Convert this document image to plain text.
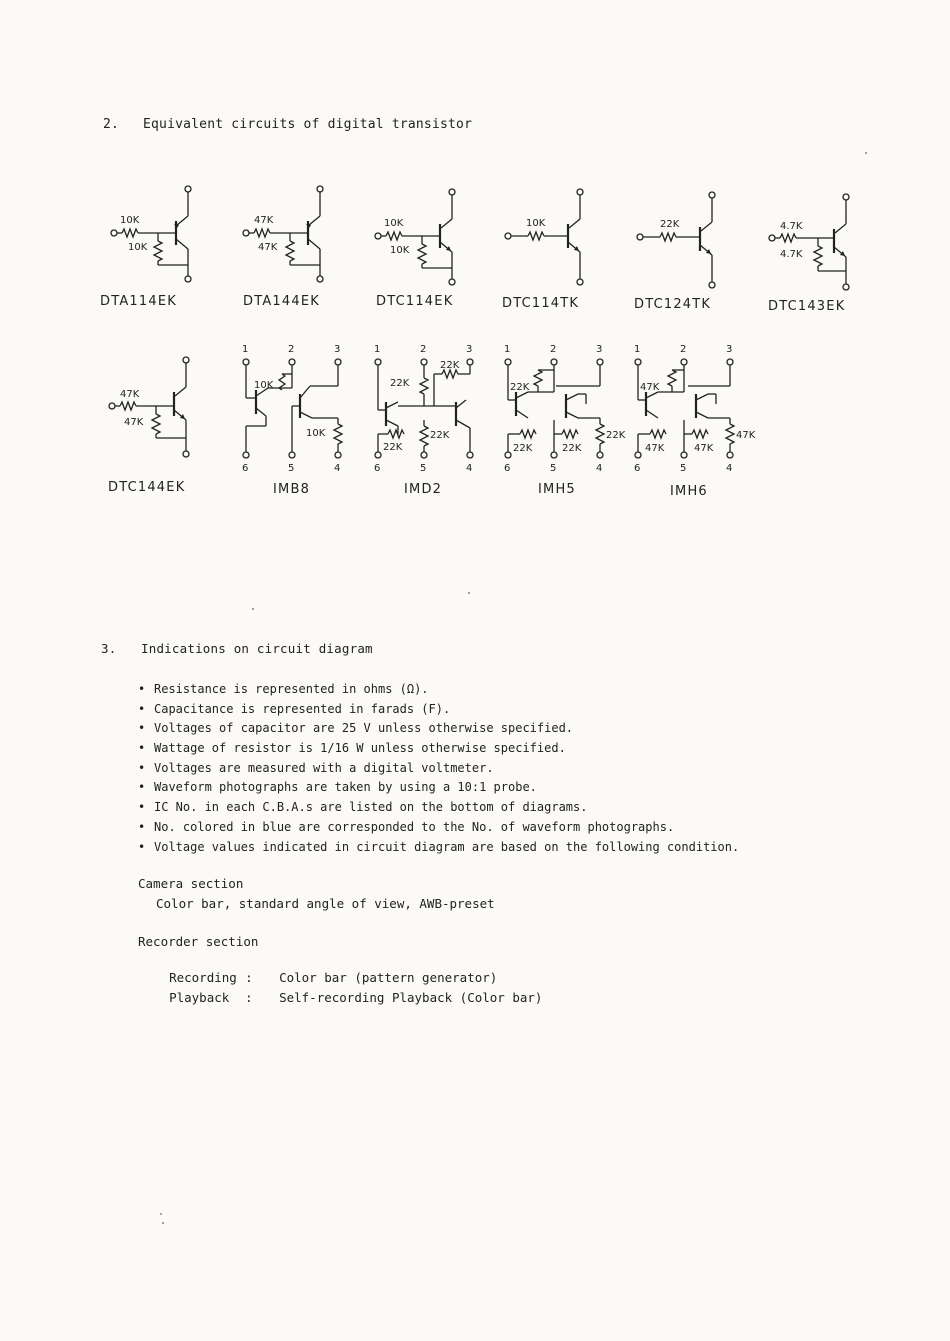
2. Equivalent circuits of digital transistor
10K
10K
DTA114EK
47K
47K
DTA144EK
10K
10K
DTC114EK
10K
DTC114TK
22K
DTC124TK
4.7K
4.7K
DTC143EK
47K
47K
DTC144EK
1	2	3
10K
10K
6	5	4
IMB8
1	2	3
22K
22K
22K
22K
6	5	4
IMD2
1	2	3
22K
22K	22K
22K
6	5	4
IMH5
1	2	3
47K
47K	47K
47K
6	5	4
IMH6
3. Indications on circuit diagram
• Resistance is represented in ohms (Ω).
• Capacitance is represented in farads (F).
• Voltages of capacitor are 25 V unless otherwise specified.
• Wattage of resistor is 1/16 W unless otherwise specified.
• Voltages are measured with a digital voltmeter.
• Waveform photographs are taken by using a 10:1 probe.
• IC No. in each C.B.A.s are listed on the bottom of diagrams.
• No. colored in blue are corresponded to the No. of waveform photographs.
• Voltage values indicated in circuit diagram are based on the following condition.
Camera section
Color bar, standard angle of view, AWB-preset
Recorder section

Recording : Color bar (pattern generator)

Playback : Self-recording Playback (Color bar)
